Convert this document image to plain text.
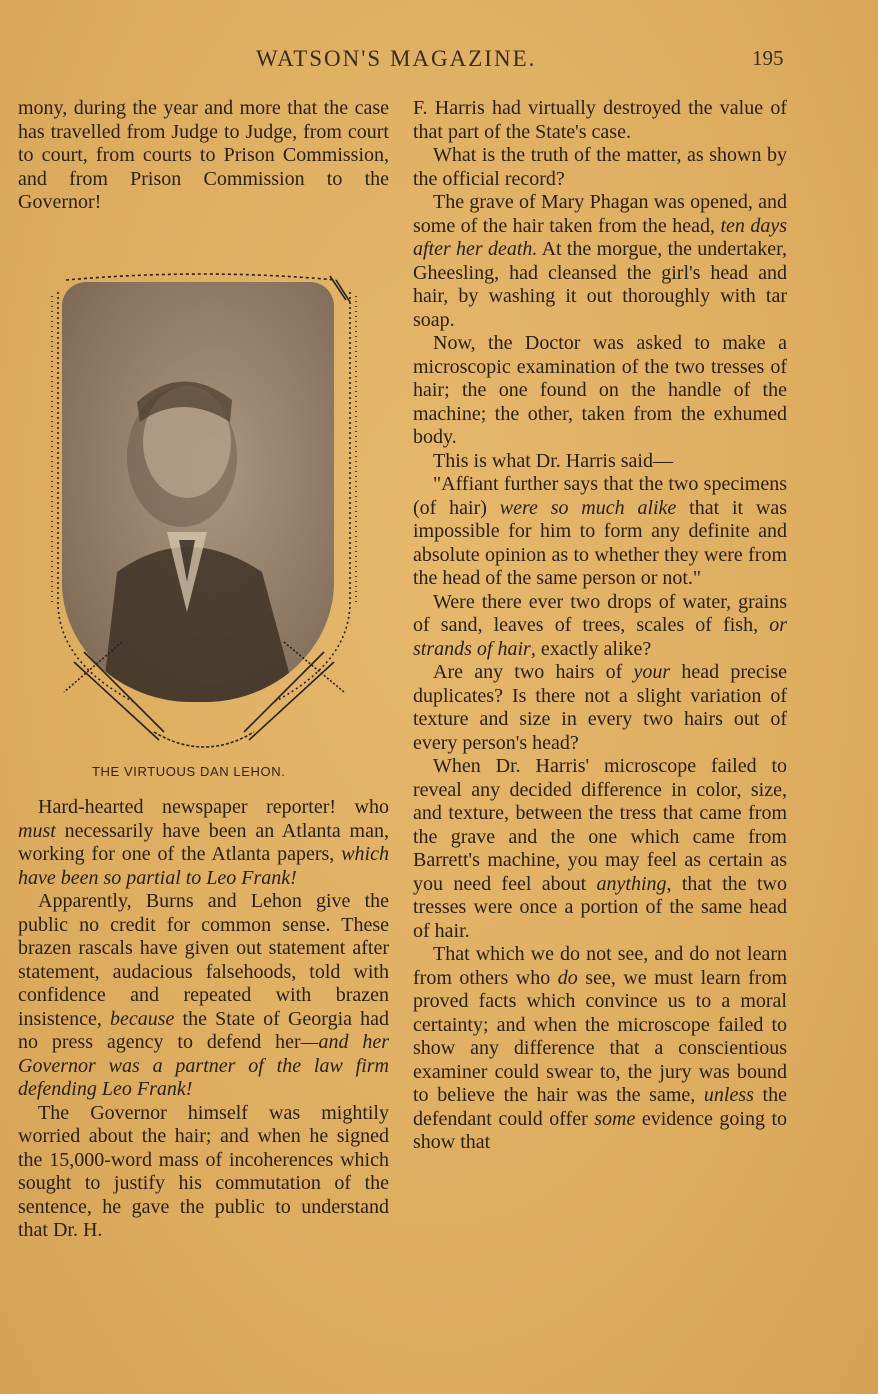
WATSON'S MAGAZINE.	195

mony, during the year and more that the case has travelled from Judge to Judge, from court to court, from courts to Prison Commission, and from Prison Commission to the Governor!

THE VIRTUOUS DAN LEHON.

Hard-hearted newspaper reporter! who must necessarily have been an Atlanta man, working for one of the Atlanta papers, which have been so partial to Leo Frank!

Apparently, Burns and Lehon give the public no credit for common sense. These brazen rascals have given out statement after statement, audacious falsehoods, told with confidence and repeated with brazen insistence, because the State of Georgia had no press agency to defend her—and her Governor was a partner of the law firm defending Leo Frank!

The Governor himself was mightily worried about the hair; and when he signed the 15,000-word mass of incoherences which sought to justify his commutation of the sentence, he gave the public to understand that Dr. H.

F. Harris had virtually destroyed the value of that part of the State's case.

What is the truth of the matter, as shown by the official record?

The grave of Mary Phagan was opened, and some of the hair taken from the head, ten days after her death. At the morgue, the undertaker, Gheesling, had cleansed the girl's head and hair, by washing it out thoroughly with tar soap.

Now, the Doctor was asked to make a microscopic examination of the two tresses of hair; the one found on the handle of the machine; the other, taken from the exhumed body.

This is what Dr. Harris said—

"Affiant further says that the two specimens (of hair) were so much alike that it was impossible for him to form any definite and absolute opinion as to whether they were from the head of the same person or not."

Were there ever two drops of water, grains of sand, leaves of trees, scales of fish, or strands of hair, exactly alike?

Are any two hairs of your head precise duplicates? Is there not a slight variation of texture and size in every two hairs out of every person's head?

When Dr. Harris' microscope failed to reveal any decided difference in color, size, and texture, between the tress that came from the grave and the one which came from Barrett's machine, you may feel as certain as you need feel about anything, that the two tresses were once a portion of the same head of hair.

That which we do not see, and do not learn from others who do see, we must learn from proved facts which convince us to a moral certainty; and when the microscope failed to show any difference that a conscientious examiner could swear to, the jury was bound to believe the hair was the same, unless the defendant could offer some evidence going to show that
